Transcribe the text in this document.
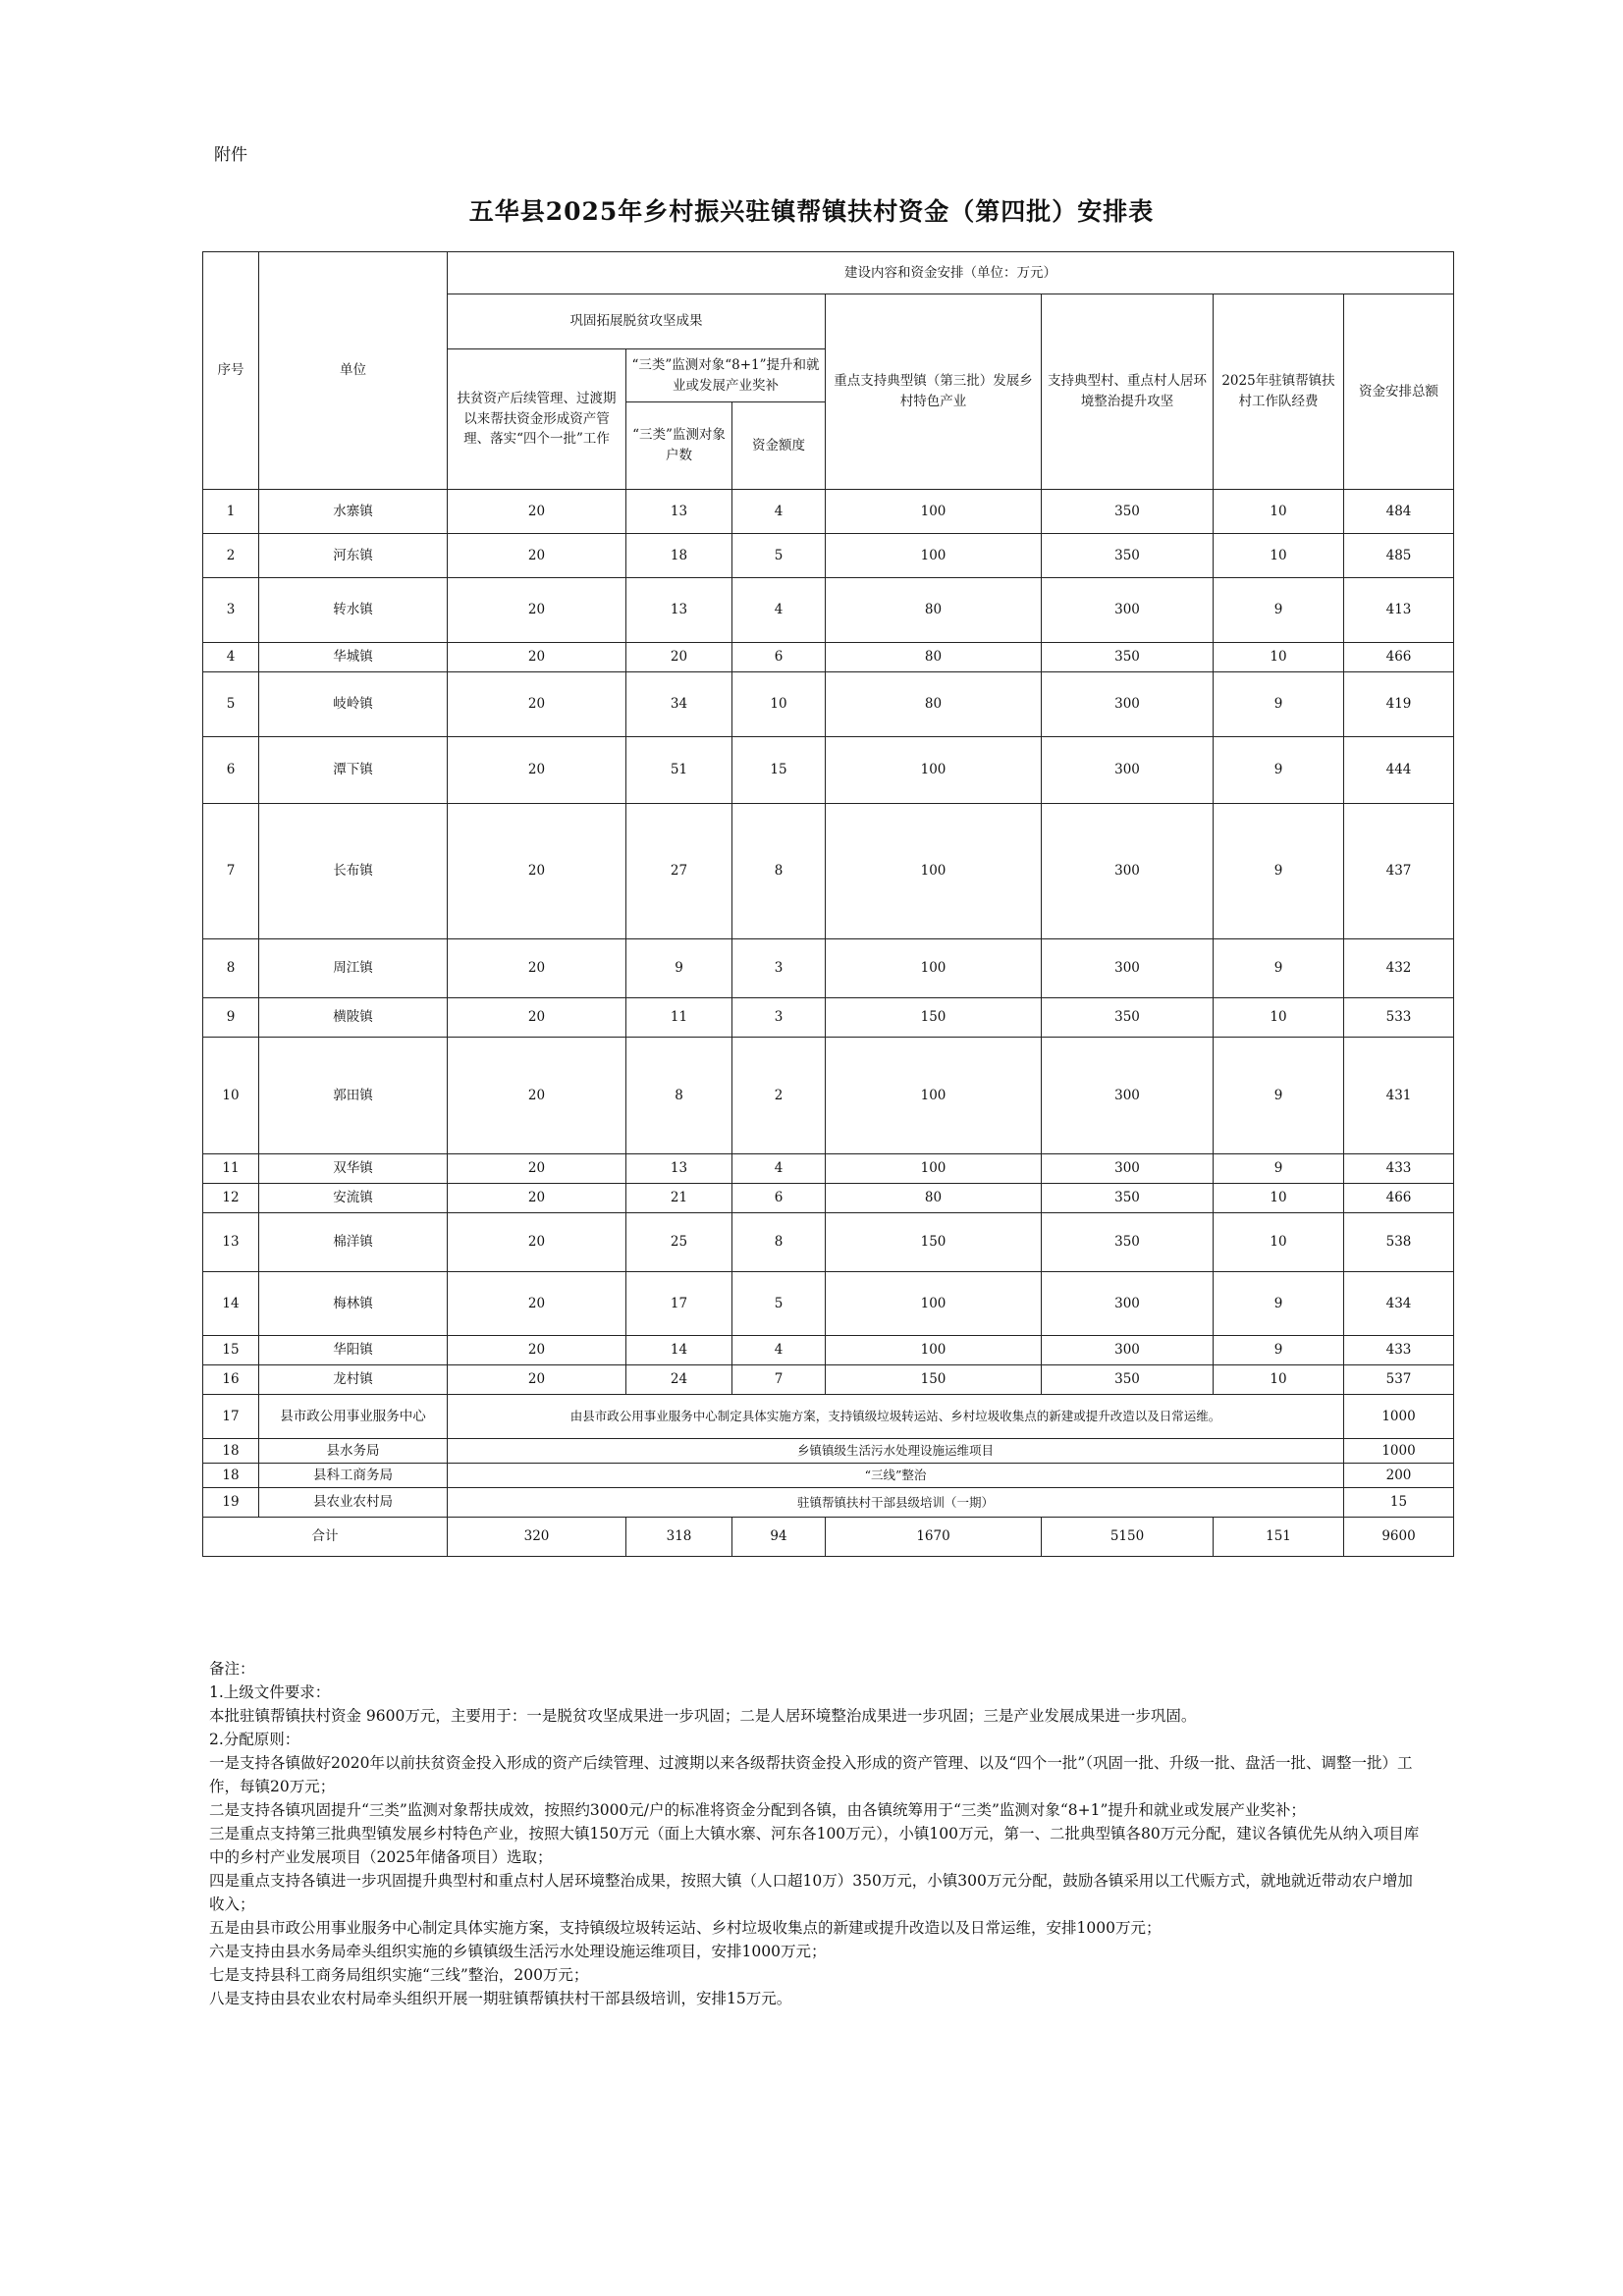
附件
五华县2025年乡村振兴驻镇帮镇扶村资金（第四批）安排表
序号	单位	建设内容和资金安排（单位：万元）						
		巩固拓展脱贫攻坚成果			重点支持典型镇（第三批）发展乡村特色产业	支持典型村、重点村人居环境整治提升攻坚	2025年驻镇帮镇扶村工作队经费	资金安排总额
		扶贫资产后续管理、过渡期以来帮扶资金形成资产管理、落实“四个一批”工作	“三类”监测对象“8+1”提升和就业或发展产业奖补					
			“三类”监测对象户数	资金额度				
1	水寨镇	20	13	4	100	350	10	484
2	河东镇	20	18	5	100	350	10	485
3	转水镇	20	13	4	80	300	9	413
4	华城镇	20	20	6	80	350	10	466
5	岐岭镇	20	34	10	80	300	9	419
6	潭下镇	20	51	15	100	300	9	444
7	长布镇	20	27	8	100	300	9	437
8	周江镇	20	9	3	100	300	9	432
9	横陂镇	20	11	3	150	350	10	533
10	郭田镇	20	8	2	100	300	9	431
11	双华镇	20	13	4	100	300	9	433
12	安流镇	20	21	6	80	350	10	466
13	棉洋镇	20	25	8	150	350	10	538
14	梅林镇	20	17	5	100	300	9	434
15	华阳镇	20	14	4	100	300	9	433
16	龙村镇	20	24	7	150	350	10	537
17	县市政公用事业服务中心	由县市政公用事业服务中心制定具体实施方案，支持镇级垃圾转运站、乡村垃圾收集点的新建或提升改造以及日常运维。						1000
18	县水务局	乡镇镇级生活污水处理设施运维项目						1000
18	县科工商务局	“三线”整治						200
19	县农业农村局	驻镇帮镇扶村干部县级培训（一期）						15
合计		320	318	94	1670	5150	151	9600

备注：

1.上级文件要求：

本批驻镇帮镇扶村资金 9600万元，主要用于：一是脱贫攻坚成果进一步巩固；二是人居环境整治成果进一步巩固；三是产业发展成果进一步巩固。

2.分配原则：

一是支持各镇做好2020年以前扶贫资金投入形成的资产后续管理、过渡期以来各级帮扶资金投入形成的资产管理、以及“四个一批”（巩固一批、升级一批、盘活一批、调整一批）工作，每镇20万元；

二是支持各镇巩固提升“三类”监测对象帮扶成效，按照约3000元/户的标准将资金分配到各镇，由各镇统筹用于“三类”监测对象“8+1”提升和就业或发展产业奖补；

三是重点支持第三批典型镇发展乡村特色产业，按照大镇150万元（面上大镇水寨、河东各100万元），小镇100万元，第一、二批典型镇各80万元分配，建议各镇优先从纳入项目库中的乡村产业发展项目（2025年储备项目）选取；

四是重点支持各镇进一步巩固提升典型村和重点村人居环境整治成果，按照大镇（人口超10万）350万元，小镇300万元分配，鼓励各镇采用以工代赈方式，就地就近带动农户增加收入；

五是由县市政公用事业服务中心制定具体实施方案，支持镇级垃圾转运站、乡村垃圾收集点的新建或提升改造以及日常运维，安排1000万元；

六是支持由县水务局牵头组织实施的乡镇镇级生活污水处理设施运维项目，安排1000万元；

七是支持县科工商务局组织实施“三线”整治，200万元；

八是支持由县农业农村局牵头组织开展一期驻镇帮镇扶村干部县级培训，安排15万元。
